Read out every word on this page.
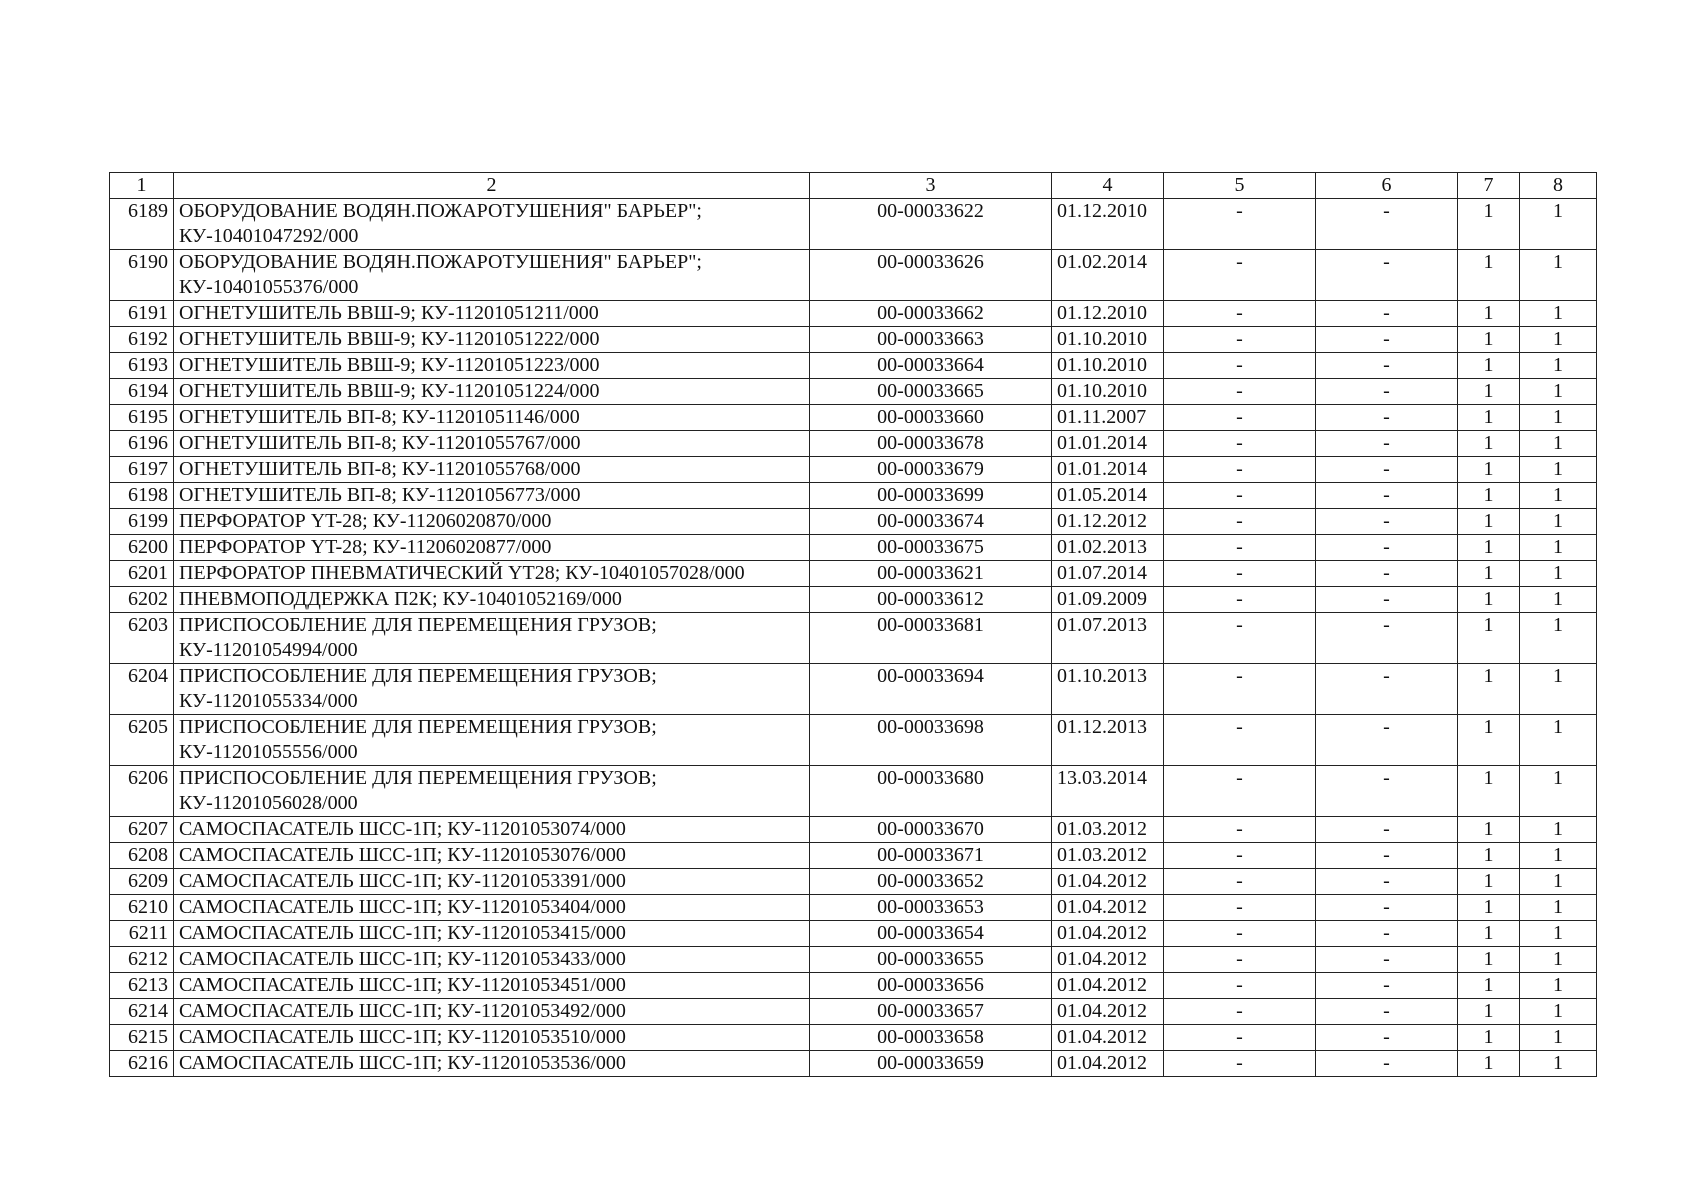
1	2	3	4	5	6	7	8
6189	ОБОРУДОВАНИЕ ВОДЯН.ПОЖАРОТУШЕНИЯ" БАРЬЕР"; КУ-10401047292/000	00-00033622	01.12.2010	-	-	1	1
6190	ОБОРУДОВАНИЕ ВОДЯН.ПОЖАРОТУШЕНИЯ" БАРЬЕР"; КУ-10401055376/000	00-00033626	01.02.2014	-	-	1	1
6191	ОГНЕТУШИТЕЛЬ ВВШ-9; КУ-11201051211/000	00-00033662	01.12.2010	-	-	1	1
6192	ОГНЕТУШИТЕЛЬ ВВШ-9; КУ-11201051222/000	00-00033663	01.10.2010	-	-	1	1
6193	ОГНЕТУШИТЕЛЬ ВВШ-9; КУ-11201051223/000	00-00033664	01.10.2010	-	-	1	1
6194	ОГНЕТУШИТЕЛЬ ВВШ-9; КУ-11201051224/000	00-00033665	01.10.2010	-	-	1	1
6195	ОГНЕТУШИТЕЛЬ ВП-8; КУ-11201051146/000	00-00033660	01.11.2007	-	-	1	1
6196	ОГНЕТУШИТЕЛЬ ВП-8; КУ-11201055767/000	00-00033678	01.01.2014	-	-	1	1
6197	ОГНЕТУШИТЕЛЬ ВП-8; КУ-11201055768/000	00-00033679	01.01.2014	-	-	1	1
6198	ОГНЕТУШИТЕЛЬ ВП-8; КУ-11201056773/000	00-00033699	01.05.2014	-	-	1	1
6199	ПЕРФОРАТОР YT-28; КУ-11206020870/000	00-00033674	01.12.2012	-	-	1	1
6200	ПЕРФОРАТОР YT-28; КУ-11206020877/000	00-00033675	01.02.2013	-	-	1	1
6201	ПЕРФОРАТОР ПНЕВМАТИЧЕСКИЙ YT28; КУ-10401057028/000	00-00033621	01.07.2014	-	-	1	1
6202	ПНЕВМОПОДДЕРЖКА П2К; КУ-10401052169/000	00-00033612	01.09.2009	-	-	1	1
6203	ПРИСПОСОБЛЕНИЕ ДЛЯ ПЕРЕМЕЩЕНИЯ ГРУЗОВ; КУ-11201054994/000	00-00033681	01.07.2013	-	-	1	1
6204	ПРИСПОСОБЛЕНИЕ ДЛЯ ПЕРЕМЕЩЕНИЯ ГРУЗОВ; КУ-11201055334/000	00-00033694	01.10.2013	-	-	1	1
6205	ПРИСПОСОБЛЕНИЕ ДЛЯ ПЕРЕМЕЩЕНИЯ ГРУЗОВ; КУ-11201055556/000	00-00033698	01.12.2013	-	-	1	1
6206	ПРИСПОСОБЛЕНИЕ ДЛЯ ПЕРЕМЕЩЕНИЯ ГРУЗОВ; КУ-11201056028/000	00-00033680	13.03.2014	-	-	1	1
6207	САМОСПАСАТЕЛЬ ШСС-1П; КУ-11201053074/000	00-00033670	01.03.2012	-	-	1	1
6208	САМОСПАСАТЕЛЬ ШСС-1П; КУ-11201053076/000	00-00033671	01.03.2012	-	-	1	1
6209	САМОСПАСАТЕЛЬ ШСС-1П; КУ-11201053391/000	00-00033652	01.04.2012	-	-	1	1
6210	САМОСПАСАТЕЛЬ ШСС-1П; КУ-11201053404/000	00-00033653	01.04.2012	-	-	1	1
6211	САМОСПАСАТЕЛЬ ШСС-1П; КУ-11201053415/000	00-00033654	01.04.2012	-	-	1	1
6212	САМОСПАСАТЕЛЬ ШСС-1П; КУ-11201053433/000	00-00033655	01.04.2012	-	-	1	1
6213	САМОСПАСАТЕЛЬ ШСС-1П; КУ-11201053451/000	00-00033656	01.04.2012	-	-	1	1
6214	САМОСПАСАТЕЛЬ ШСС-1П; КУ-11201053492/000	00-00033657	01.04.2012	-	-	1	1
6215	САМОСПАСАТЕЛЬ ШСС-1П; КУ-11201053510/000	00-00033658	01.04.2012	-	-	1	1
6216	САМОСПАСАТЕЛЬ ШСС-1П; КУ-11201053536/000	00-00033659	01.04.2012	-	-	1	1
